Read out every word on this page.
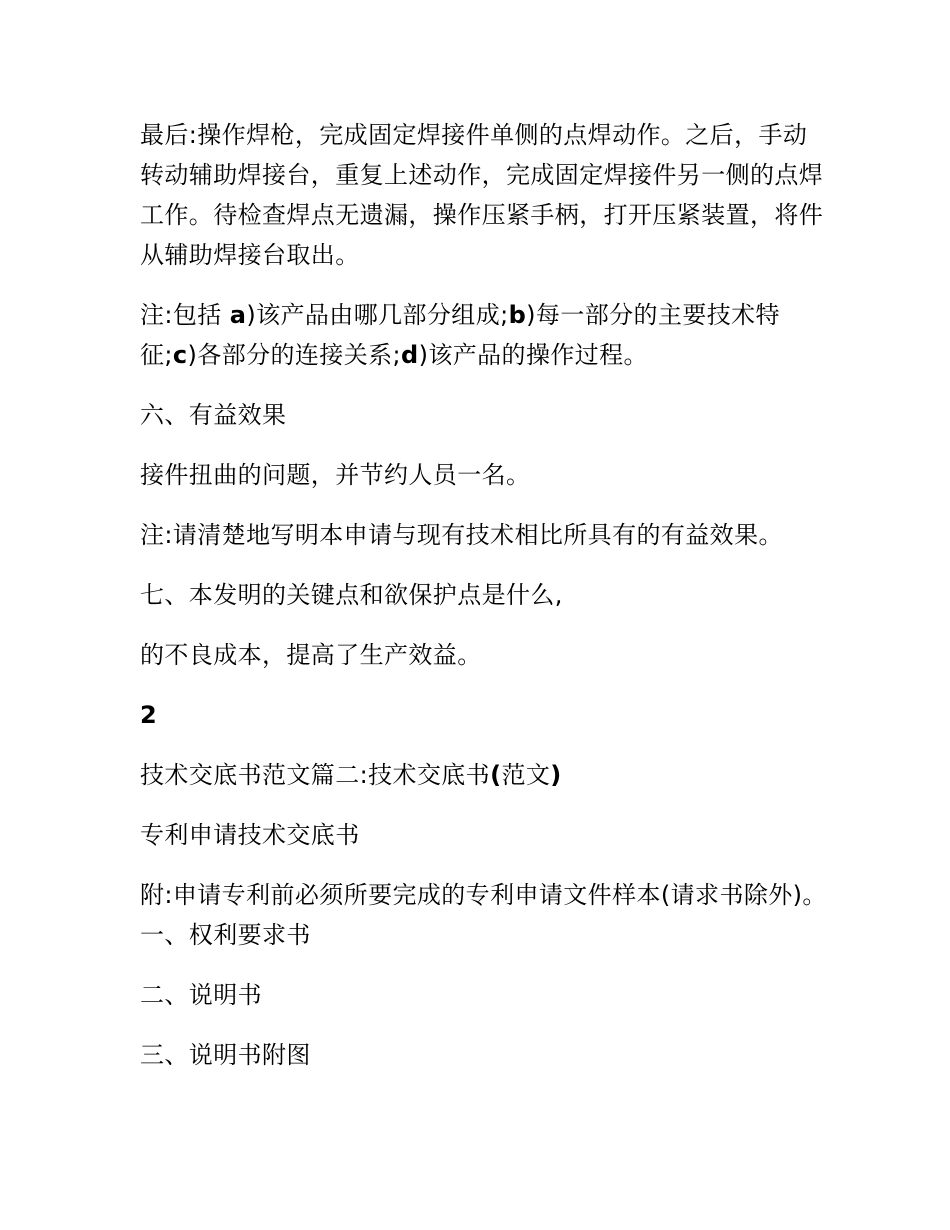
最后:操作焊枪，完成固定焊接件单侧的点焊动作。之后，手动转动辅助焊接台，重复上述动作，完成固定焊接件另一侧的点焊工作。待检查焊点无遗漏，操作压紧手柄，打开压紧装置，将件从辅助焊接台取出。

注:包括 a)该产品由哪几部分组成;b)每一部分的主要技术特征;c)各部分的连接关系;d)该产品的操作过程。

六、有益效果

接件扭曲的问题，并节约人员一名。

注:请清楚地写明本申请与现有技术相比所具有的有益效果。

七、本发明的关键点和欲保护点是什么,

的不良成本，提高了生产效益。

2

技术交底书范文篇二:技术交底书(范文)

专利申请技术交底书

附:申请专利前必须所要完成的专利申请文件样本(请求书除外)。 一、权利要求书

二、说明书

三、说明书附图
